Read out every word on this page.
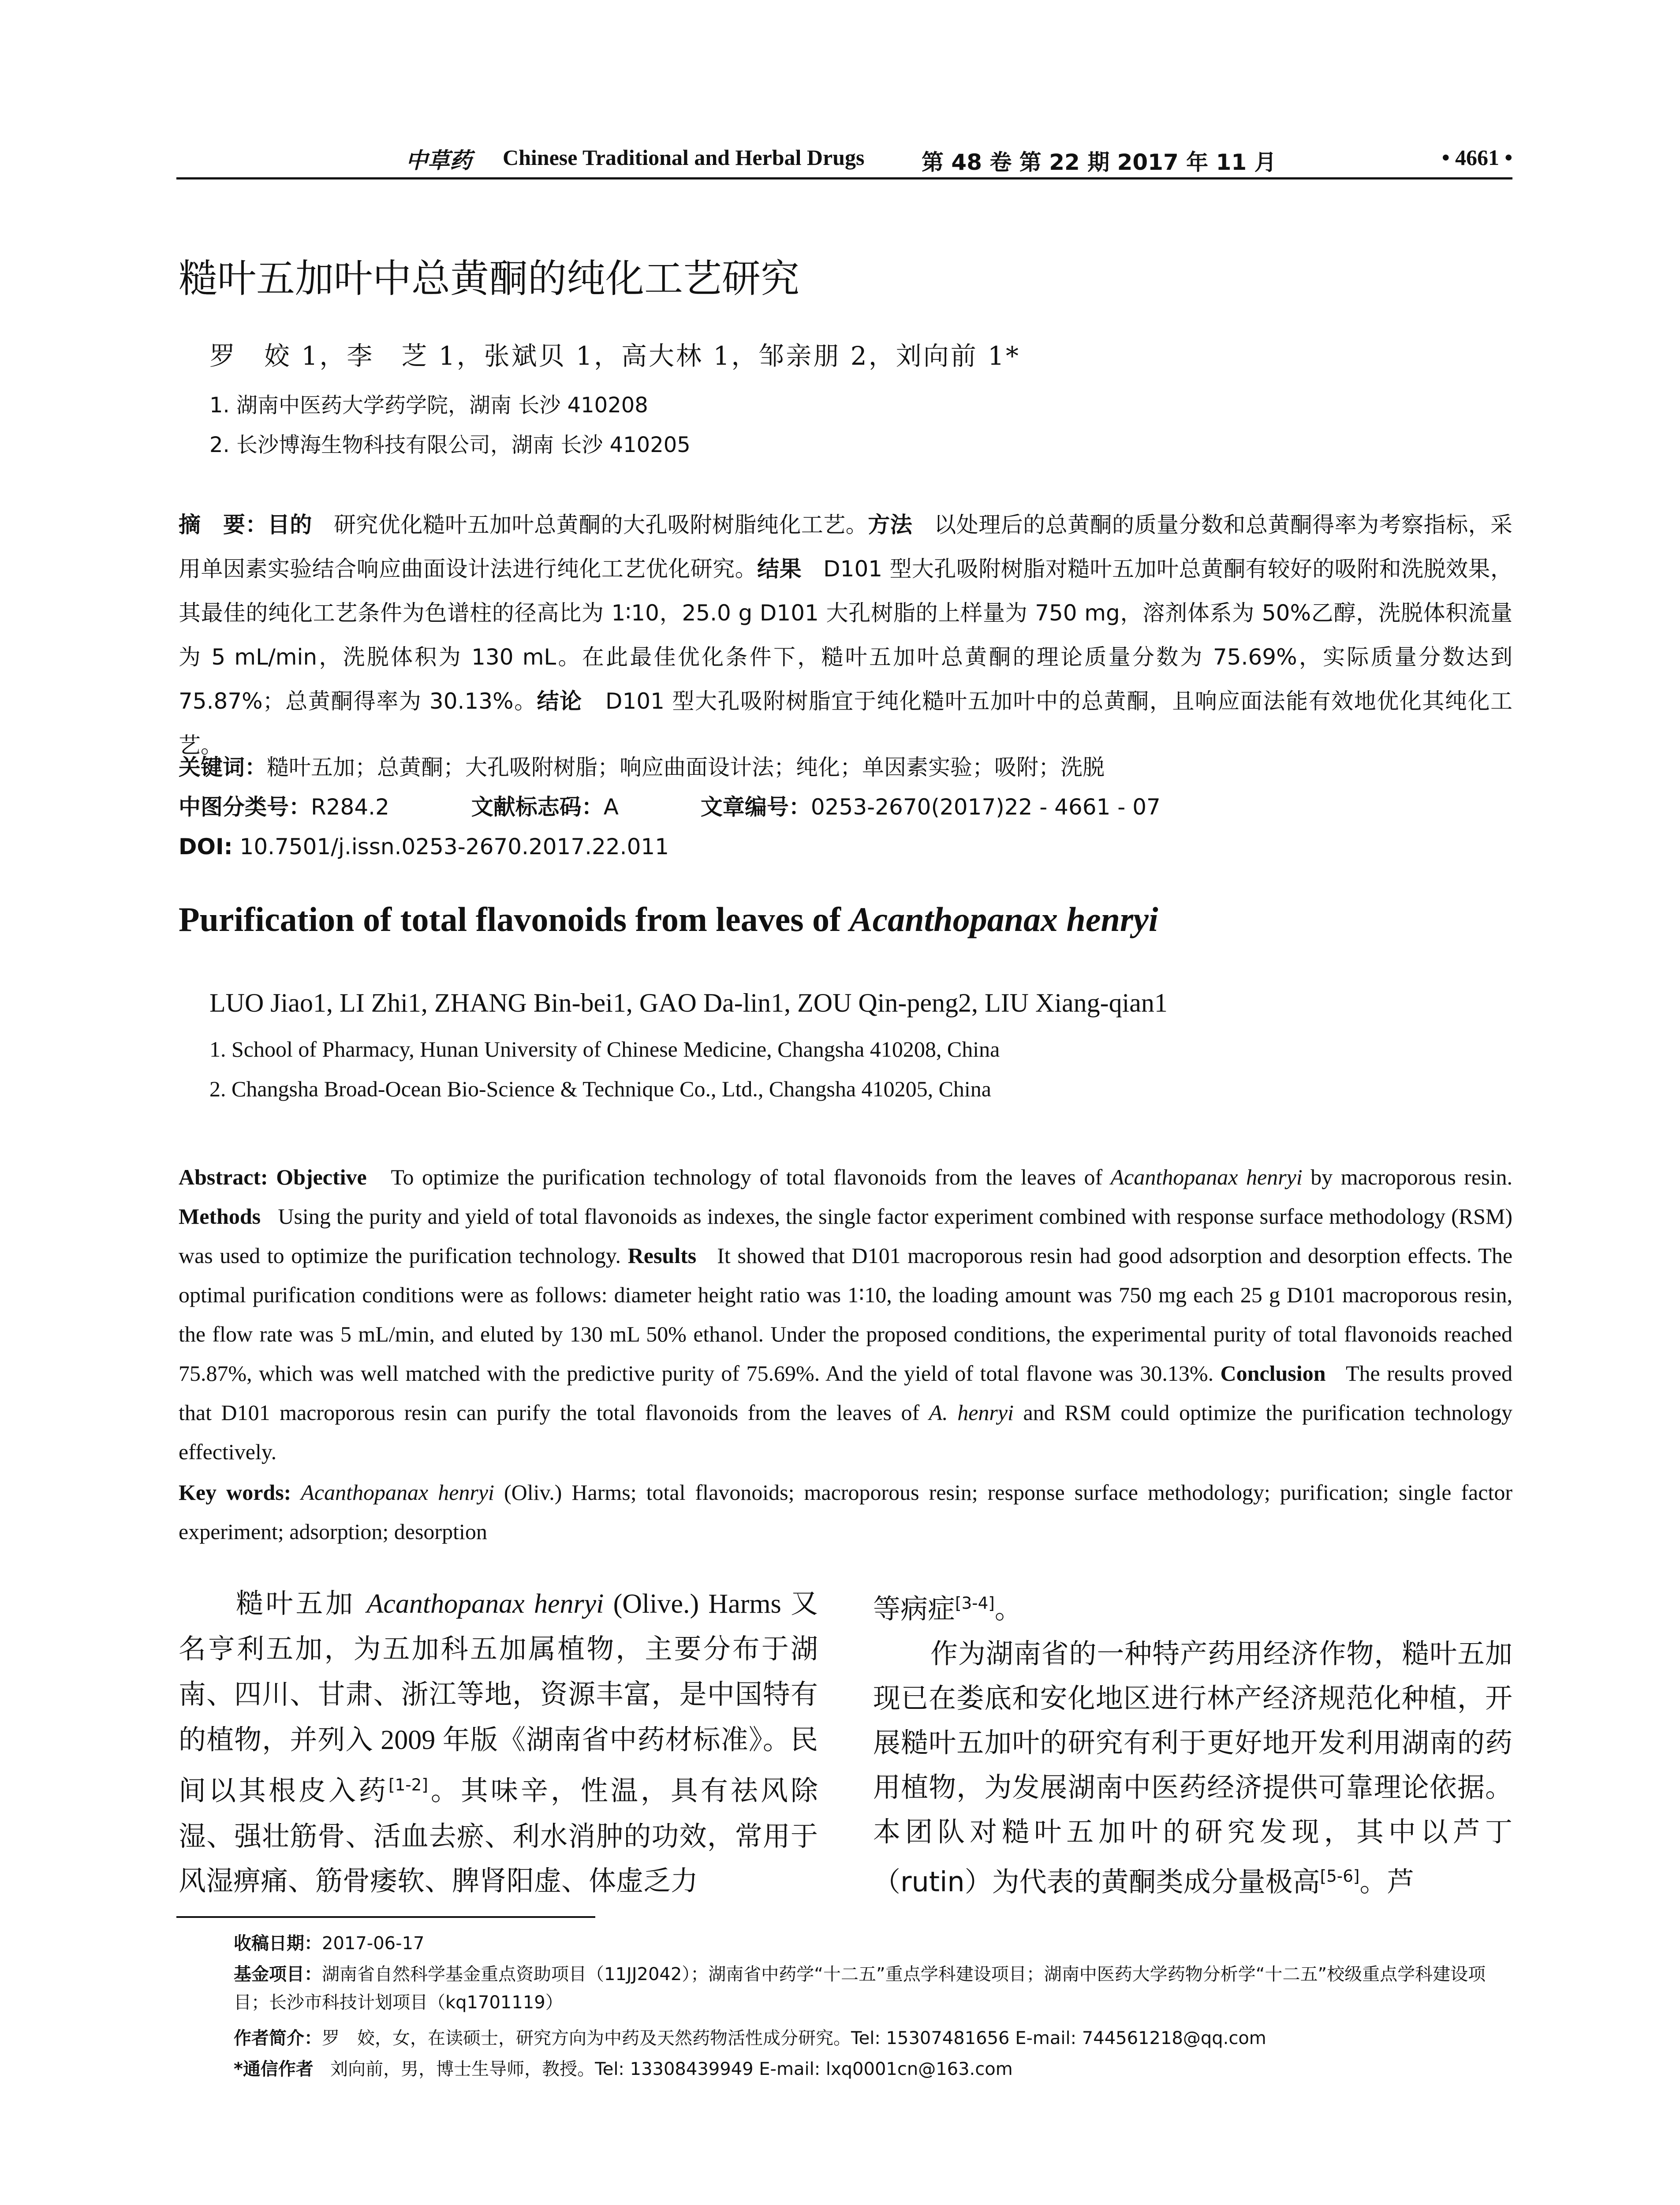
中草药 Chinese Traditional and Herbal Drugs	第 48 卷 第 22 期 2017 年 11 月	• 4661 •
糙叶五加叶中总黄酮的纯化工艺研究
罗　姣 1，李　芝 1，张斌贝 1，高大林 1，邹亲朋 2，刘向前 1*
1. 湖南中医药大学药学院，湖南 长沙 410208
2. 长沙博海生物科技有限公司，湖南 长沙 410205
摘　要：目的 研究优化糙叶五加叶总黄酮的大孔吸附树脂纯化工艺。方法 以处理后的总黄酮的质量分数和总黄酮得率为考察指标，采用单因素实验结合响应曲面设计法进行纯化工艺优化研究。结果 D101 型大孔吸附树脂对糙叶五加叶总黄酮有较好的吸附和洗脱效果，其最佳的纯化工艺条件为色谱柱的径高比为 1∶10，25.0 g D101 大孔树脂的上样量为 750 mg，溶剂体系为 50%乙醇，洗脱体积流量为 5 mL/min，洗脱体积为 130 mL。在此最佳优化条件下，糙叶五加叶总黄酮的理论质量分数为 75.69%，实际质量分数达到 75.87%；总黄酮得率为 30.13%。结论 D101 型大孔吸附树脂宜于纯化糙叶五加叶中的总黄酮，且响应面法能有效地优化其纯化工艺。
关键词：糙叶五加；总黄酮；大孔吸附树脂；响应曲面设计法；纯化；单因素实验；吸附；洗脱
中图分类号：R284.2	文献标志码：A	文章编号：0253-2670(2017)22 - 4661 - 07
DOI: 10.7501/j.issn.0253-2670.2017.22.011
Purification of total flavonoids from leaves of Acanthopanax henryi
LUO Jiao1, LI Zhi1, ZHANG Bin-bei1, GAO Da-lin1, ZOU Qin-peng2, LIU Xiang-qian1
1. School of Pharmacy, Hunan University of Chinese Medicine, Changsha 410208, China
2. Changsha Broad-Ocean Bio-Science & Technique Co., Ltd., Changsha 410205, China
Abstract: Objective To optimize the purification technology of total flavonoids from the leaves of Acanthopanax henryi by macroporous resin. Methods Using the purity and yield of total flavonoids as indexes, the single factor experiment combined with response surface methodology (RSM) was used to optimize the purification technology. Results It showed that D101 macroporous resin had good adsorption and desorption effects. The optimal purification conditions were as follows: diameter height ratio was 1∶10, the loading amount was 750 mg each 25 g D101 macroporous resin, the flow rate was 5 mL/min, and eluted by 130 mL 50% ethanol. Under the proposed conditions, the experimental purity of total flavonoids reached 75.87%, which was well matched with the predictive purity of 75.69%. And the yield of total flavone was 30.13%. Conclusion The results proved that D101 macroporous resin can purify the total flavonoids from the leaves of A. henryi and RSM could optimize the purification technology effectively.
Key words: Acanthopanax henryi (Oliv.) Harms; total flavonoids; macroporous resin; response surface methodology; purification; single factor experiment; adsorption; desorption

糙叶五加 Acanthopanax henryi (Olive.) Harms 又名亨利五加，为五加科五加属植物，主要分布于湖南、四川、甘肃、浙江等地，资源丰富，是中国特有的植物，并列入 2009 年版《湖南省中药材标准》。民间以其根皮入药[1-2]。其味辛，性温，具有祛风除湿、强壮筋骨、活血去瘀、利水消肿的功效，常用于风湿痹痛、筋骨痿软、脾肾阳虚、体虚乏力

等病症[3-4]。

作为湖南省的一种特产药用经济作物，糙叶五加现已在娄底和安化地区进行林产经济规范化种植，开展糙叶五加叶的研究有利于更好地开发利用湖南的药用植物，为发展湖南中医药经济提供可靠理论依据。本团队对糙叶五加叶的研究发现，其中以芦丁（rutin）为代表的黄酮类成分量极高[5-6]。芦

收稿日期：2017-06-17
基金项目：湖南省自然科学基金重点资助项目（11JJ2042）；湖南省中药学“十二五”重点学科建设项目；湖南中医药大学药物分析学“十二五”校级重点学科建设项目；长沙市科技计划项目（kq1701119）
作者简介：罗　姣，女，在读硕士，研究方向为中药及天然药物活性成分研究。Tel: 15307481656 E-mail: 744561218@qq.com
*通信作者 刘向前，男，博士生导师，教授。Tel: 13308439949 E-mail: lxq0001cn@163.com
